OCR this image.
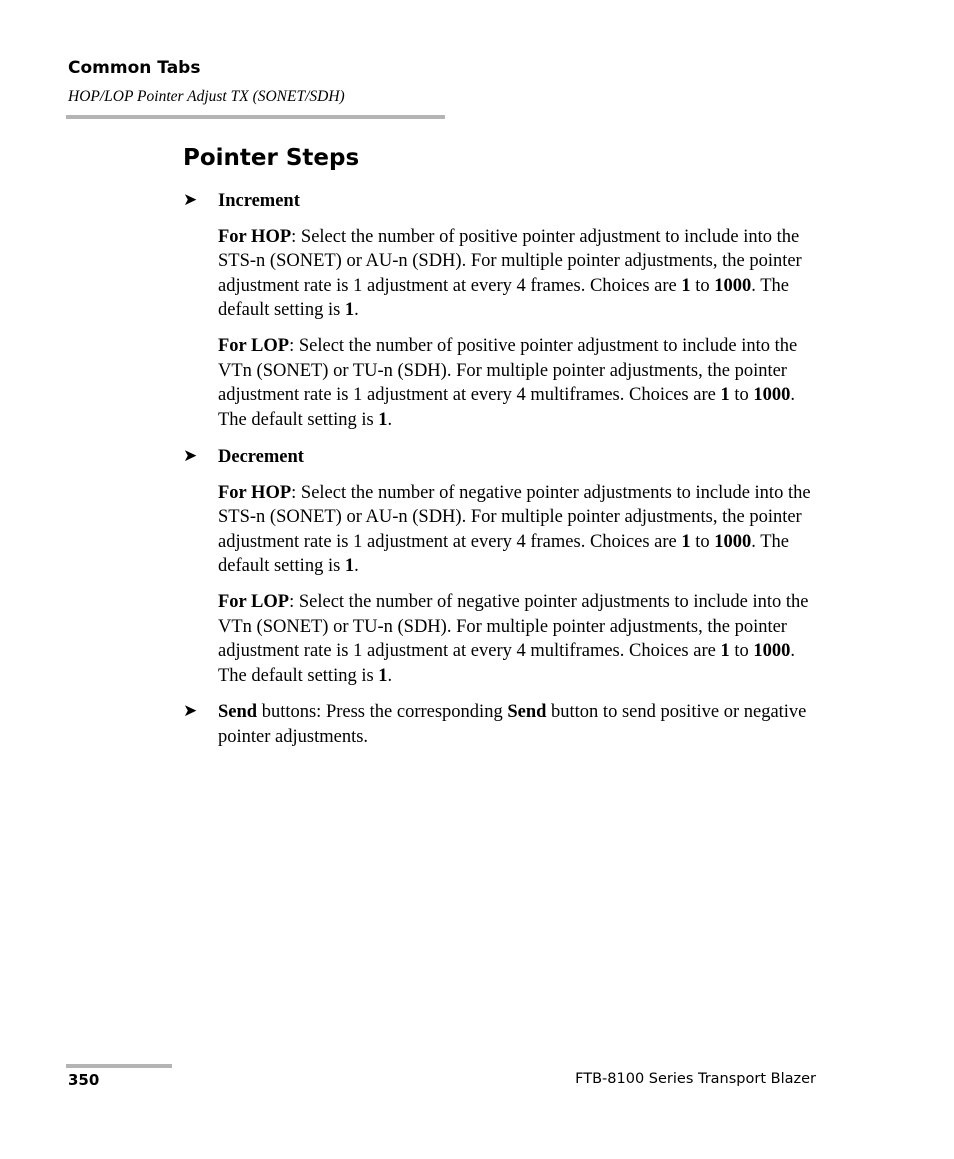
Common Tabs
HOP/LOP Pointer Adjust TX (SONET/SDH)
Pointer Steps
➤ Increment

For HOP: Select the number of positive pointer adjustment to include into the STS-n (SONET) or AU-n (SDH). For multiple pointer adjustments, the pointer adjustment rate is 1 adjustment at every 4 frames. Choices are 1 to 1000. The default setting is 1.

For LOP: Select the number of positive pointer adjustment to include into the VTn (SONET) or TU-n (SDH). For multiple pointer adjustments, the pointer adjustment rate is 1 adjustment at every 4 multiframes. Choices are 1 to 1000. The default setting is 1.

➤ Decrement

For HOP: Select the number of negative pointer adjustments to include into the STS-n (SONET) or AU-n (SDH). For multiple pointer adjustments, the pointer adjustment rate is 1 adjustment at every 4 frames. Choices are 1 to 1000. The default setting is 1.

For LOP: Select the number of negative pointer adjustments to include into the VTn (SONET) or TU-n (SDH). For multiple pointer adjustments, the pointer adjustment rate is 1 adjustment at every 4 multiframes. Choices are 1 to 1000. The default setting is 1.

➤ Send buttons: Press the corresponding Send button to send positive or negative pointer adjustments.

350	FTB-8100 Series Transport Blazer
